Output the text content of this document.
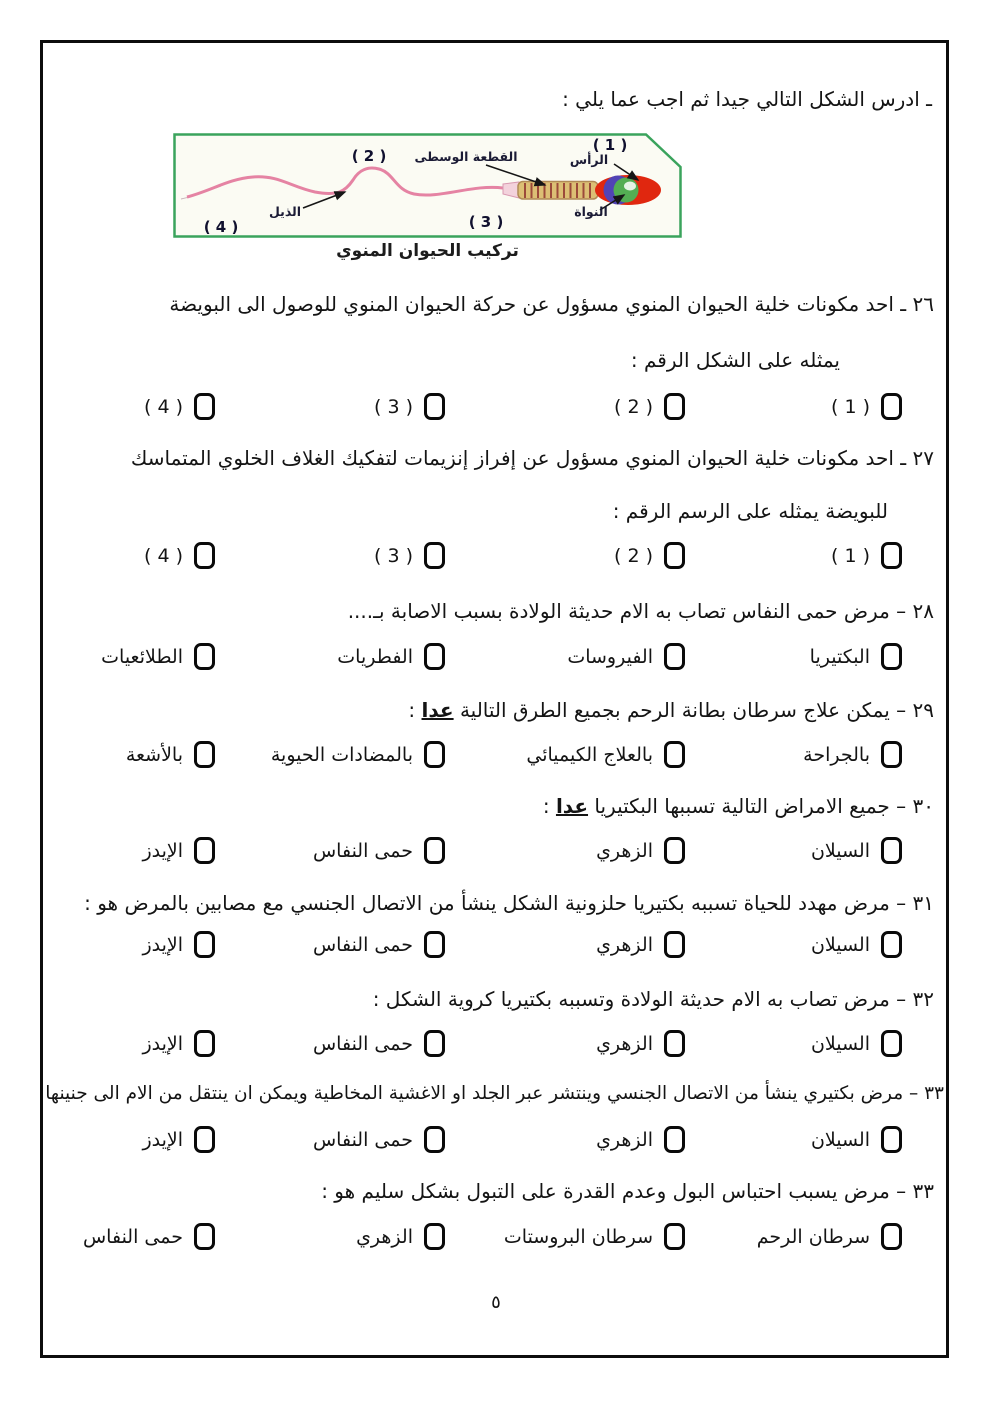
ـ ادرس الشكل التالي جيدا ثم اجب عما يلي :
( 1 )
الرأس
( 2 ) القطعة الوسطى
النواة
( 3 )
الذيل
( 4 )
تركيب الحيوان المنوي
٢٦ ـ احد مكونات خلية الحيوان المنوي مسؤول عن حركة الحيوان المنوي للوصول الى البويضة
يمثله على الشكل الرقم :
( 1 )
( 2 )
( 3 )
( 4 )
٢٧ ـ احد مكونات خلية الحيوان المنوي مسؤول عن إفراز إنزيمات لتفكيك الغلاف الخلوي المتماسك
للبويضة يمثله على الرسم الرقم :
( 1 )
( 2 )
( 3 )
( 4 )
٢٨ – مرض حمى النفاس تصاب به الام حديثة الولادة بسبب الاصابة بـ....
البكتيريا
الفيروسات
الفطريات
الطلائعيات
٢٩ – يمكن علاج سرطان بطانة الرحم بجميع الطرق التالية عدا :
بالجراحة
بالعلاج الكيميائي
بالمضادات الحيوية
بالأشعة
٣٠ – جميع الامراض التالية تسببها البكتيريا عدا :
السيلان
الزهري
حمى النفاس
الإيدز
٣١ – مرض مهدد للحياة تسببه بكتيريا حلزونية الشكل ينشأ من الاتصال الجنسي مع مصابين بالمرض هو :
السيلان
الزهري
حمى النفاس
الإيدز
٣٢ – مرض تصاب به الام حديثة الولادة وتسببه بكتيريا كروية الشكل :
السيلان
الزهري
حمى النفاس
الإيدز
٣٣ – مرض بكتيري ينشأ من الاتصال الجنسي وينتشر عبر الجلد او الاغشية المخاطية ويمكن ان ينتقل من الام الى جنينها
السيلان
الزهري
حمى النفاس
الإيدز
٣٣ – مرض يسبب احتباس البول وعدم القدرة على التبول بشكل سليم هو :
سرطان الرحم
سرطان البروستات
الزهري
حمى النفاس
٥
